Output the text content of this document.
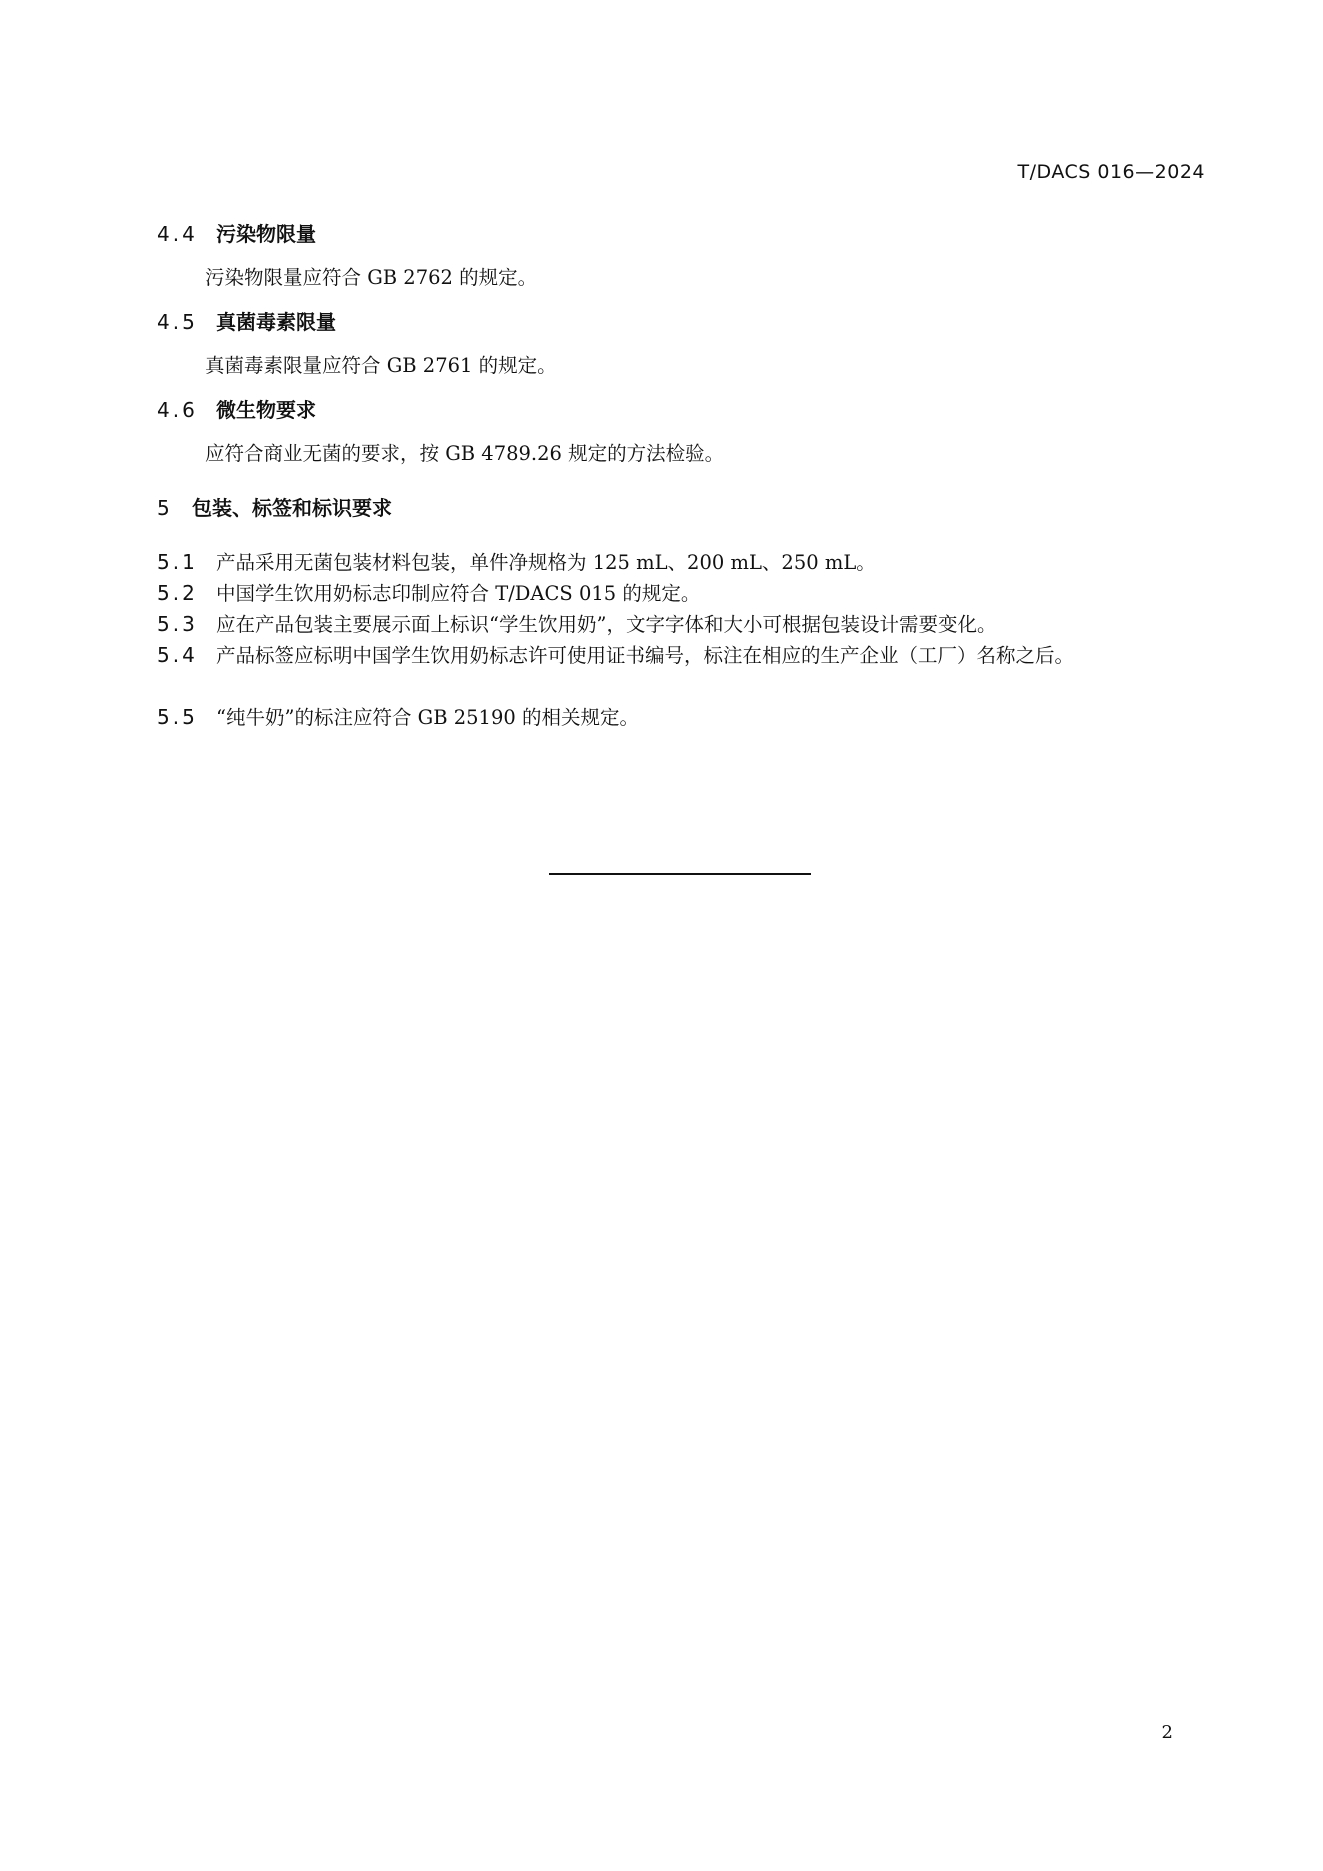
T/DACS 016—2024
4.4 污染物限量
污染物限量应符合 GB 2762 的规定。
4.5 真菌毒素限量
真菌毒素限量应符合 GB 2761 的规定。
4.6 微生物要求
应符合商业无菌的要求，按 GB 4789.26 规定的方法检验。
5 包装、标签和标识要求
5.1 产品采用无菌包装材料包装，单件净规格为 125 mL、200 mL、250 mL。
5.2 中国学生饮用奶标志印制应符合 T/DACS 015 的规定。
5.3 应在产品包装主要展示面上标识“学生饮用奶”，文字字体和大小可根据包装设计需要变化。
5.4 产品标签应标明中国学生饮用奶标志许可使用证书编号，标注在相应的生产企业（工厂）名称之后。
5.5 “纯牛奶”的标注应符合 GB 25190 的相关规定。
2
